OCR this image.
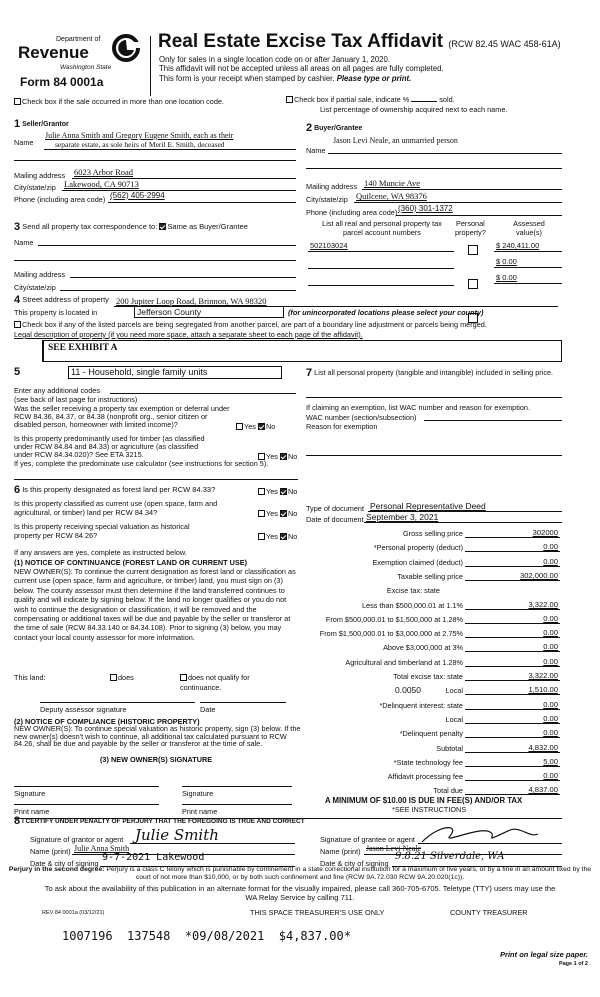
Department of
Revenue
Washington State
Form 84 0001a
Real Estate Excise Tax Affidavit (RCW 82.45 WAC 458-61A)
Only for sales in a single location code on or after January 1, 2020.
This affidavit will not be accepted unless all areas on all pages are fully completed.
This form is your receipt when stamped by cashier. Please type or print.
Check box if the sale occurred in more than one location code.	Check box if partial sale, indicate %	sold.
List percentage of ownership acquired next to each name.
1 Seller/Grantor
Name
Julie Anna Smith and Gregory Eugene Smith, each as their
separate estate, as sole heirs of Meril E. Smith, deceased
Mailing address 6023 Arbor Road
City/state/zip Lakewood, CA 90713
Phone (including area code) (562) 405-2994
2 Buyer/Grantee
Name
Jason Levi Neale, an unmarried person
Mailing address 140 Muncie Ave
City/state/zip Quilcene, WA 98376
Phone (including area code) (360) 301-1372
3 Send all property tax correspondence to: Same as Buyer/Grantee
Name
Mailing address
City/state/zip
List all real and personal property tax
parcel account numbers
Personal
property?
Assessed
value(s)
502103024	$ 240,411.00
$ 0.00
$ 0.00
4 Street address of property 200 Jupiter Loop Road, Brinnon, WA 98320
This property is located in	Jefferson County	(for unincorporated locations please select your county)
Check box if any of the listed parcels are being segregated from another parcel, are part of a boundary line adjustment or parcels being merged.
Legal description of property (if you need more space, attach a separate sheet to each page of the affidavit).
SEE EXHIBIT A
5	11 - Household, single family units
Enter any additional codes
(see back of last page for instructions)
Was the seller receiving a property tax exemption or deferral under RCW 84.36, 84.37, or 84.38 (nonprofit org., senior citizen or disabled person, homeowner with limited income)?	Yes No
Is this property predominantly used for timber (as classified under RCW 84.84 and 84.33) or agriculture (as classified under RCW 84.34.020)? See ETA 3215.	Yes No
If yes, complete the predominate use calculator (see instructions for section 5).
6 Is this property designated as forest land per RCW 84.33?	Yes No
Is this property classified as current use (open space, farm and agricultural, or timber) land per RCW 84.34?	Yes No
Is this property receiving special valuation as historical property per RCW 84.26?	Yes No
If any answers are yes, complete as instructed below.
(1) NOTICE OF CONTINUANCE (FOREST LAND OR CURRENT USE)
NEW OWNER(S): To continue the current designation as forest land or classification as current use (open space, farm and agriculture, or timber) land, you must sign on (3) below. The county assessor must then determine if the land transferred continues to qualify and will indicate by signing below. If the land no longer qualifies or you do not wish to continue the designation or classification, it will be removed and the compensating or additional taxes will be due and payable by the seller or transferor at the time of sale (RCW 84.33.140 or 84.34.108). Prior to signing (3) below, you may contact your local county assessor for more information.
This land:	does	does not qualify for continuance.
Deputy assessor signature	Date
(2) NOTICE OF COMPLIANCE (HISTORIC PROPERTY)
NEW OWNER(S): To continue special valuation as historic property, sign (3) below. If the new owner(s) doesn't wish to continue, all additional tax calculated pursuant to RCW 84.26, shall be due and payable by the seller or transferor at the time of sale.
(3) NEW OWNER(S) SIGNATURE
Signature	Signature
Print name	Print name
7 List all personal property (tangible and intangible) included in selling price.
If claiming an exemption, list WAC number and reason for exemption.
WAC number (section/subsection)
Reason for exemption
Type of document Personal Representative Deed
Date of document September 3, 2021
Gross selling price	302000
*Personal property (deduct)	0.00
Exemption claimed (deduct)	0.00
Taxable selling price	302,000.00
Excise tax: state
Less than $500,000.01 at 1.1%	3,322.00
From $500,000.01 to $1,500,000 at 1.28%	0.00
From $1,500,000.01 to $3,000,000 at 2.75%	0.00
Above $3,000,000 at 3%	0.00
Agricultural and timberland at 1.28%	0.00
Total excise tax: state	3,322.00
Local	1,510.00
0.0050
*Delinquent interest: state	0.00
Local	0.00
*Delinquent penalty	0.00
Subtotal	4,832.00
*State technology fee	5.00
Affidavit processing fee	0.00
Total due	4,837.00
A MINIMUM OF $10.00 IS DUE IN FEE(S) AND/OR TAX
*SEE INSTRUCTIONS
8 I CERTIFY UNDER PENALTY OF PERJURY THAT THE FOREGOING IS TRUE AND CORRECT
Signature of grantor or agent Julie Smith
Name (print) Julie Anna Smith
Date & city of signing
9-7-2021 Lakewood
Signature of grantee or agent
Name (print) Jason Levi Neale
Date & city of signing
9.8.21 Silverdale, WA
Perjury in the second degree: Perjury is a class C felony which is punishable by confinement in a state correctional institution for a maximum of five years, or by a fine in an amount fixed by the court of not more than $10,000, or by both such confinement and fine (RCW 9A.72.030 RCW 9A.20.020(1c)).
To ask about the availability of this publication in an alternate format for the visually impaired, please call 360-705-6705. Teletype (TTY) users may use the WA Relay Service by calling 711.
REV 84 0001a (03/12/21)	THIS SPACE TREASURER'S USE ONLY	COUNTY TREASURER
1007196  137548  *09/08/2021  $4,837.00*
Print on legal size paper.
Page 1 of 2
